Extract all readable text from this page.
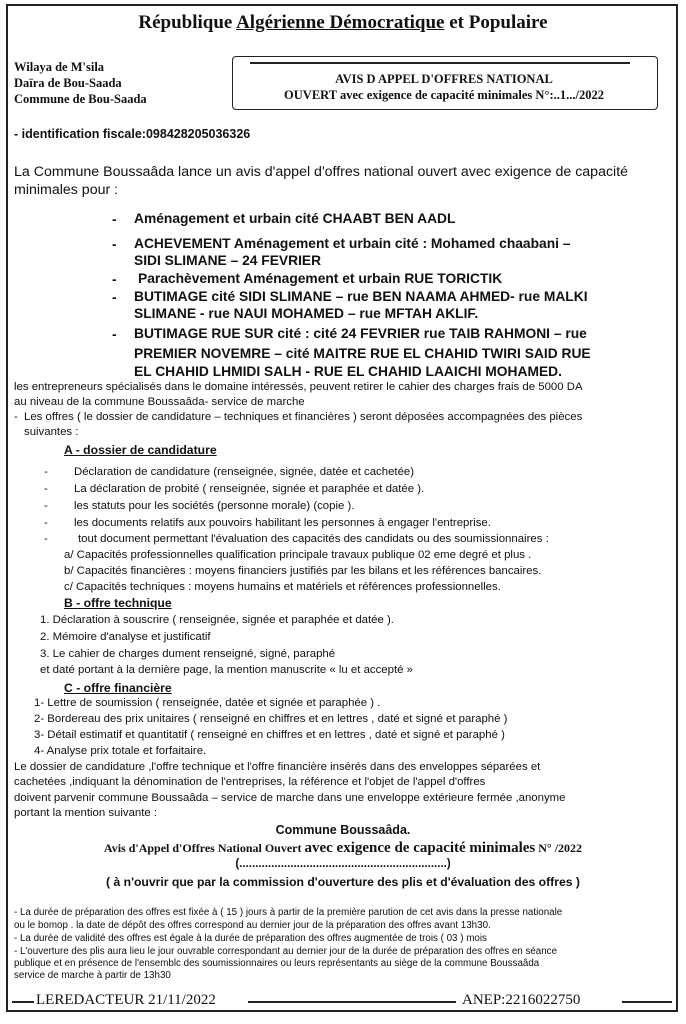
République Algérienne Démocratique et Populaire
Wilaya de M'sila
Daïra de Bou-Saada
Commune de Bou-Saada
AVIS D APPEL D'OFFRES NATIONAL
OUVERT avec exigence de capacité minimales N°:..1.../2022
- identification fiscale:098428205036326
La Commune Boussaâda lance un avis d'appel d'offres national ouvert avec exigence de capacité
minimales pour :
- Aménagement et urbain cité CHAABT BEN AADL
- ACHEVEMENT Aménagement et urbain cité : Mohamed chaabani –
SIDI SLIMANE – 24 FEVRIER
- Parachèvement Aménagement et urbain RUE TORICTIK
- BUTIMAGE cité SIDI SLIMANE – rue BEN NAAMA AHMED- rue MALKI
SLIMANE - rue NAUI MOHAMED – rue MFTAH AKLIF.
- BUTIMAGE RUE SUR cité : cité 24 FEVRIER rue TAIB RAHMONI – rue
PREMIER NOVEMRE – cité MAITRE RUE EL CHAHID TWIRI SAID RUE
EL CHAHID LHMIDI SALH - RUE EL CHAHID LAAICHI MOHAMED.
les entrepreneurs spécialisés dans le domaine intéressés, peuvent retirer le cahier des charges frais de 5000 DA
au niveau de la commune Boussaâda- service de marche
- Les offres ( le dossier de candidature – techniques et financières ) seront déposées accompagnées des pièces
suivantes :
A - dossier de candidature
- Déclaration de candidature (renseignée, signée, datée et cachetée)
- La déclaration de probité ( renseignée, signée et paraphée et datée ).
- les statuts pour les sociétés (personne morale) (copie ).
- les documents relatifs aux pouvoirs habilitant les personnes à engager l'entreprise.
-	tout document permettant l'évaluation des capacités des candidats ou des soumissionnaires :
a/ Capacités professionnelles qualification principale travaux publique 02 eme degré et plus .
b/ Capacités financières : moyens financiers justifiés par les bilans et les références bancaires.
c/ Capacités techniques : moyens humains et matériels et références professionnelles.
B - offre technique
1. Déclaration à souscrire ( renseignée, signée et paraphée et datée ).
2. Mémoire d'analyse et justificatif
3. Le cahier de charges dument renseigné, signé, paraphé
et daté portant à la dernière page, la mention manuscrite « lu et accepté »
C - offre financière
1- Lettre de soumission ( renseignée, datée et signée et paraphée ) .
2- Bordereau des prix unitaires ( renseigné en chiffres et en lettres , daté et signé et paraphé )
3- Détail estimatif et quantitatif ( renseigné en chiffres et en lettres , daté et signé et paraphé )
4- Analyse prix totale et forfaitaire.
Le dossier de candidature ,l'offre technique et l'offre financière insérés dans des enveloppes séparées et
cachetées ,indiquant la dénomination de l'entreprises, la référence et l'objet de l'appel d'offres
doivent parvenir commune Boussaâda – service de marche dans une enveloppe extérieure fermée ,anonyme
portant la mention suivante :
Commune Boussaâda.
Avis d'Appel d'Offres National Ouvert avec exigence de capacité minimales N° /2022
(.................................................................)
( à n'ouvrir que par la commission d'ouverture des plis et d'évaluation des offres )
- La durée de préparation des offres est fixée à ( 15 ) jours à partir de la première parution de cet avis dans la presse nationale
ou le bomop . la date de dépôt des offres correspond au dernier jour de la préparation des offres avant 13h30.
- La durée de validité des offres est égale à la durée de préparation des offres augmentée de trois ( 03 ) mois
- L'ouverture des plis aura lieu le jour ouvrable correspondant au dernier jour de la durée de préparation des offres en séance
publique et en présence de l'ensemblc des soumissionnaires ou leurs représentants au siège de la commune Boussaâda
service de marche à partir de 13h30
LEREDACTEUR 21/11/2022	ANEP:2216022750
